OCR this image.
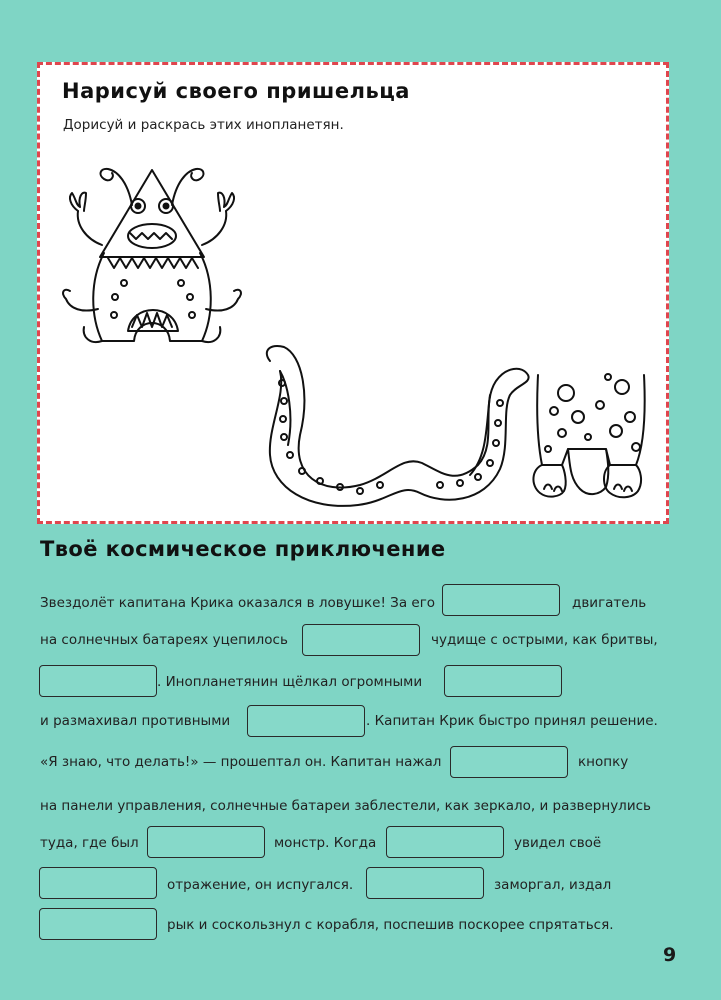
Нарисуй своего пришельца

Дорисуй и раскрась этих инопланетян.

Твоё космическое приключение
Звездолёт капитана Крика оказался в ловушке! За его	двигатель
на солнечных батареях уцепилось	чудище с острыми, как бритвы,
. Инопланетянин щёлкал огромными
и размахивал противными	. Капитан Крик быстро принял решение.
«Я знаю, что делать!» — прошептал он. Капитан нажал	кнопку
на панели управления, солнечные батареи заблестели, как зеркало, и развернулись
туда, где был	монстр. Когда	увидел своё
отражение, он испугался.	заморгал, издал
рык и соскользнул с корабля, поспешив поскорее спрятаться.
9
